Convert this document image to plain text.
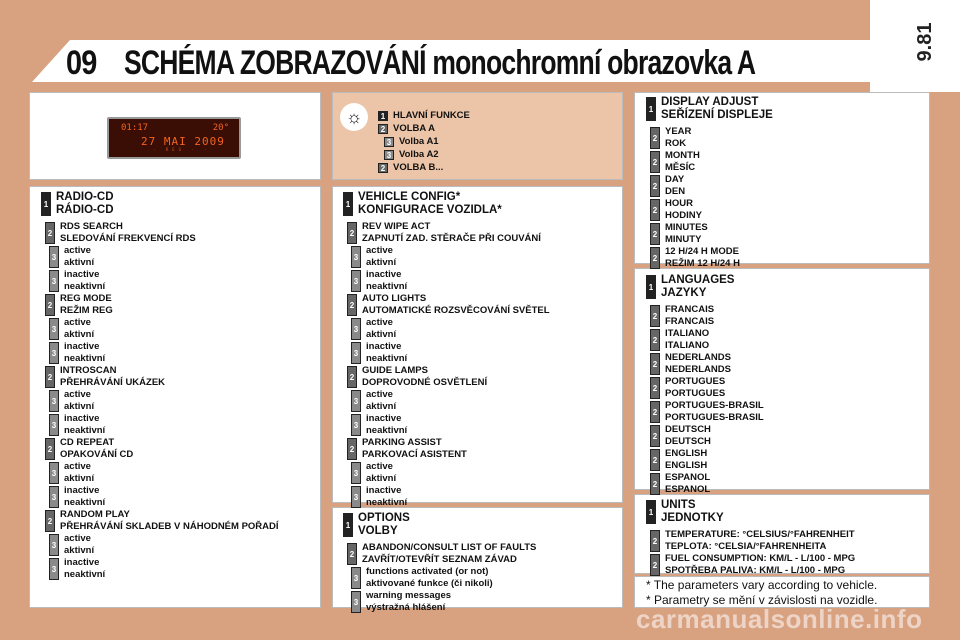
9.81
09 SCHÉMA ZOBRAZOVÁNÍ monochromní obrazovka A
01:17	20°
27 MAI 2009
· REG · ·
☼	1 HLAVNÍ FUNKCE
2 VOLBA A
3 Volba A1
3 Volba A2
2 VOLBA B...
1
RADIO-CD
RÁDIO-CD
2
RDS SEARCH
SLEDOVÁNÍ FREKVENCÍ RDS
3
active
aktivní
3
inactive
neaktivní
2
REG MODE
REŽIM REG
3
active
aktivní
3
inactive
neaktivní
2
INTROSCAN
PŘEHRÁVÁNÍ UKÁZEK
3
active
aktivní
3
inactive
neaktivní
2
CD REPEAT
OPAKOVÁNÍ CD
3
active
aktivní
3
inactive
neaktivní
2
RANDOM PLAY
PŘEHRÁVÁNÍ SKLADEB V NÁHODNÉM POŘADÍ
3
active
aktivní
3
inactive
neaktivní
1
VEHICLE CONFIG*
KONFIGURACE VOZIDLA*
2
REV WIPE ACT
ZAPNUTÍ ZAD. STĚRAČE PŘI COUVÁNÍ
3
active
aktivní
3
inactive
neaktivní
2
AUTO LIGHTS
AUTOMATICKÉ ROZSVĚCOVÁNÍ SVĚTEL
3
active
aktivní
3
inactive
neaktivní
2
GUIDE LAMPS
DOPROVODNÉ OSVĚTLENÍ
3
active
aktivní
3
inactive
neaktivní
2
PARKING ASSIST
PARKOVACÍ ASISTENT
3
active
aktivní
3
inactive
neaktivní
1
OPTIONS
VOLBY
2
ABANDON/CONSULT LIST OF FAULTS
ZAVŘÍT/OTEVŘÍT SEZNAM ZÁVAD
3
functions activated (or not)
aktivované funkce (či nikoli)
3
warning messages
výstražná hlášení
1
DISPLAY ADJUST
SEŘÍZENÍ DISPLEJE
2
YEAR
ROK
2
MONTH
MĚSÍC
2
DAY
DEN
2
HOUR
HODINY
2
MINUTES
MINUTY
2
12 H/24 H MODE
REŽIM 12 H/24 H
1
LANGUAGES
JAZYKY
2
FRANCAIS
FRANCAIS
2
ITALIANO
ITALIANO
2
NEDERLANDS
NEDERLANDS
2
PORTUGUES
PORTUGUES
2
PORTUGUES-BRASIL
PORTUGUES-BRASIL
2
DEUTSCH
DEUTSCH
2
ENGLISH
ENGLISH
2
ESPANOL
ESPANOL
1
UNITS
JEDNOTKY
2
TEMPERATURE: °CELSIUS/°FAHRENHEIT
TEPLOTA: °CELSIA/°FAHRENHEITA
2
FUEL CONSUMPTION: KM/L - L/100 - MPG
SPOTŘEBA PALIVA: KM/L - L/100 - MPG
* The parameters vary according to vehicle.
* Parametry se mění v závislosti na vozidle.
carmanualsonline.info
